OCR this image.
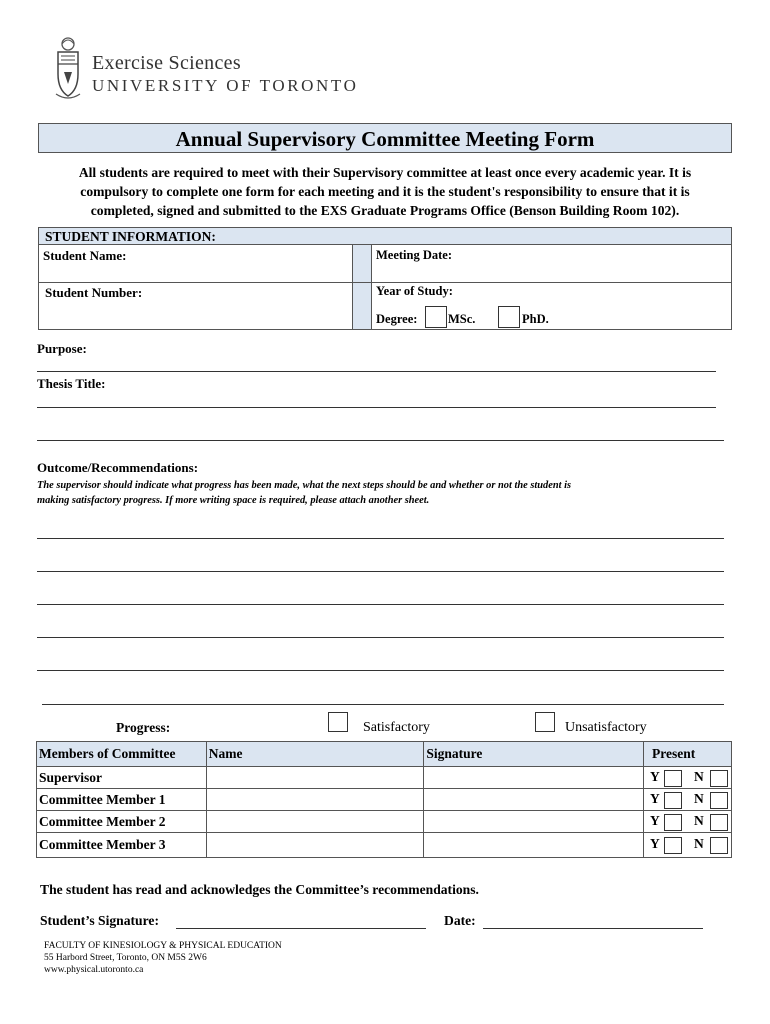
Exercise Sciences
UNIVERSITY OF TORONTO
Annual Supervisory Committee Meeting Form
All students are required to meet with their Supervisory committee at least once every academic year. It is
compulsory to complete one form for each meeting and it is the student's responsibility to ensure that it is
completed, signed and submitted to the EXS Graduate Programs Office (Benson Building Room 102).
STUDENT INFORMATION:
Student Name:	Meeting Date:
Student Number:	Year of Study:
Degree: MSc.	PhD.
Purpose:
Thesis Title:
Outcome/Recommendations:
The supervisor should indicate what progress has been made, what the next steps should be and whether or not the student is
making satisfactory progress. If more writing space is required, please attach another sheet.
Progress:	Satisfactory	Unsatisfactory
Members of Committee	Name	Signature	Present
Supervisor			Y N

Committee Member 1			Y N

Committee Member 2			Y N

Committee Member 3			Y N
The student has read and acknowledges the Committee’s recommendations.
Student’s Signature:	Date:
FACULTY OF KINESIOLOGY & PHYSICAL EDUCATION
55 Harbord Street, Toronto, ON M5S 2W6
www.physical.utoronto.ca
